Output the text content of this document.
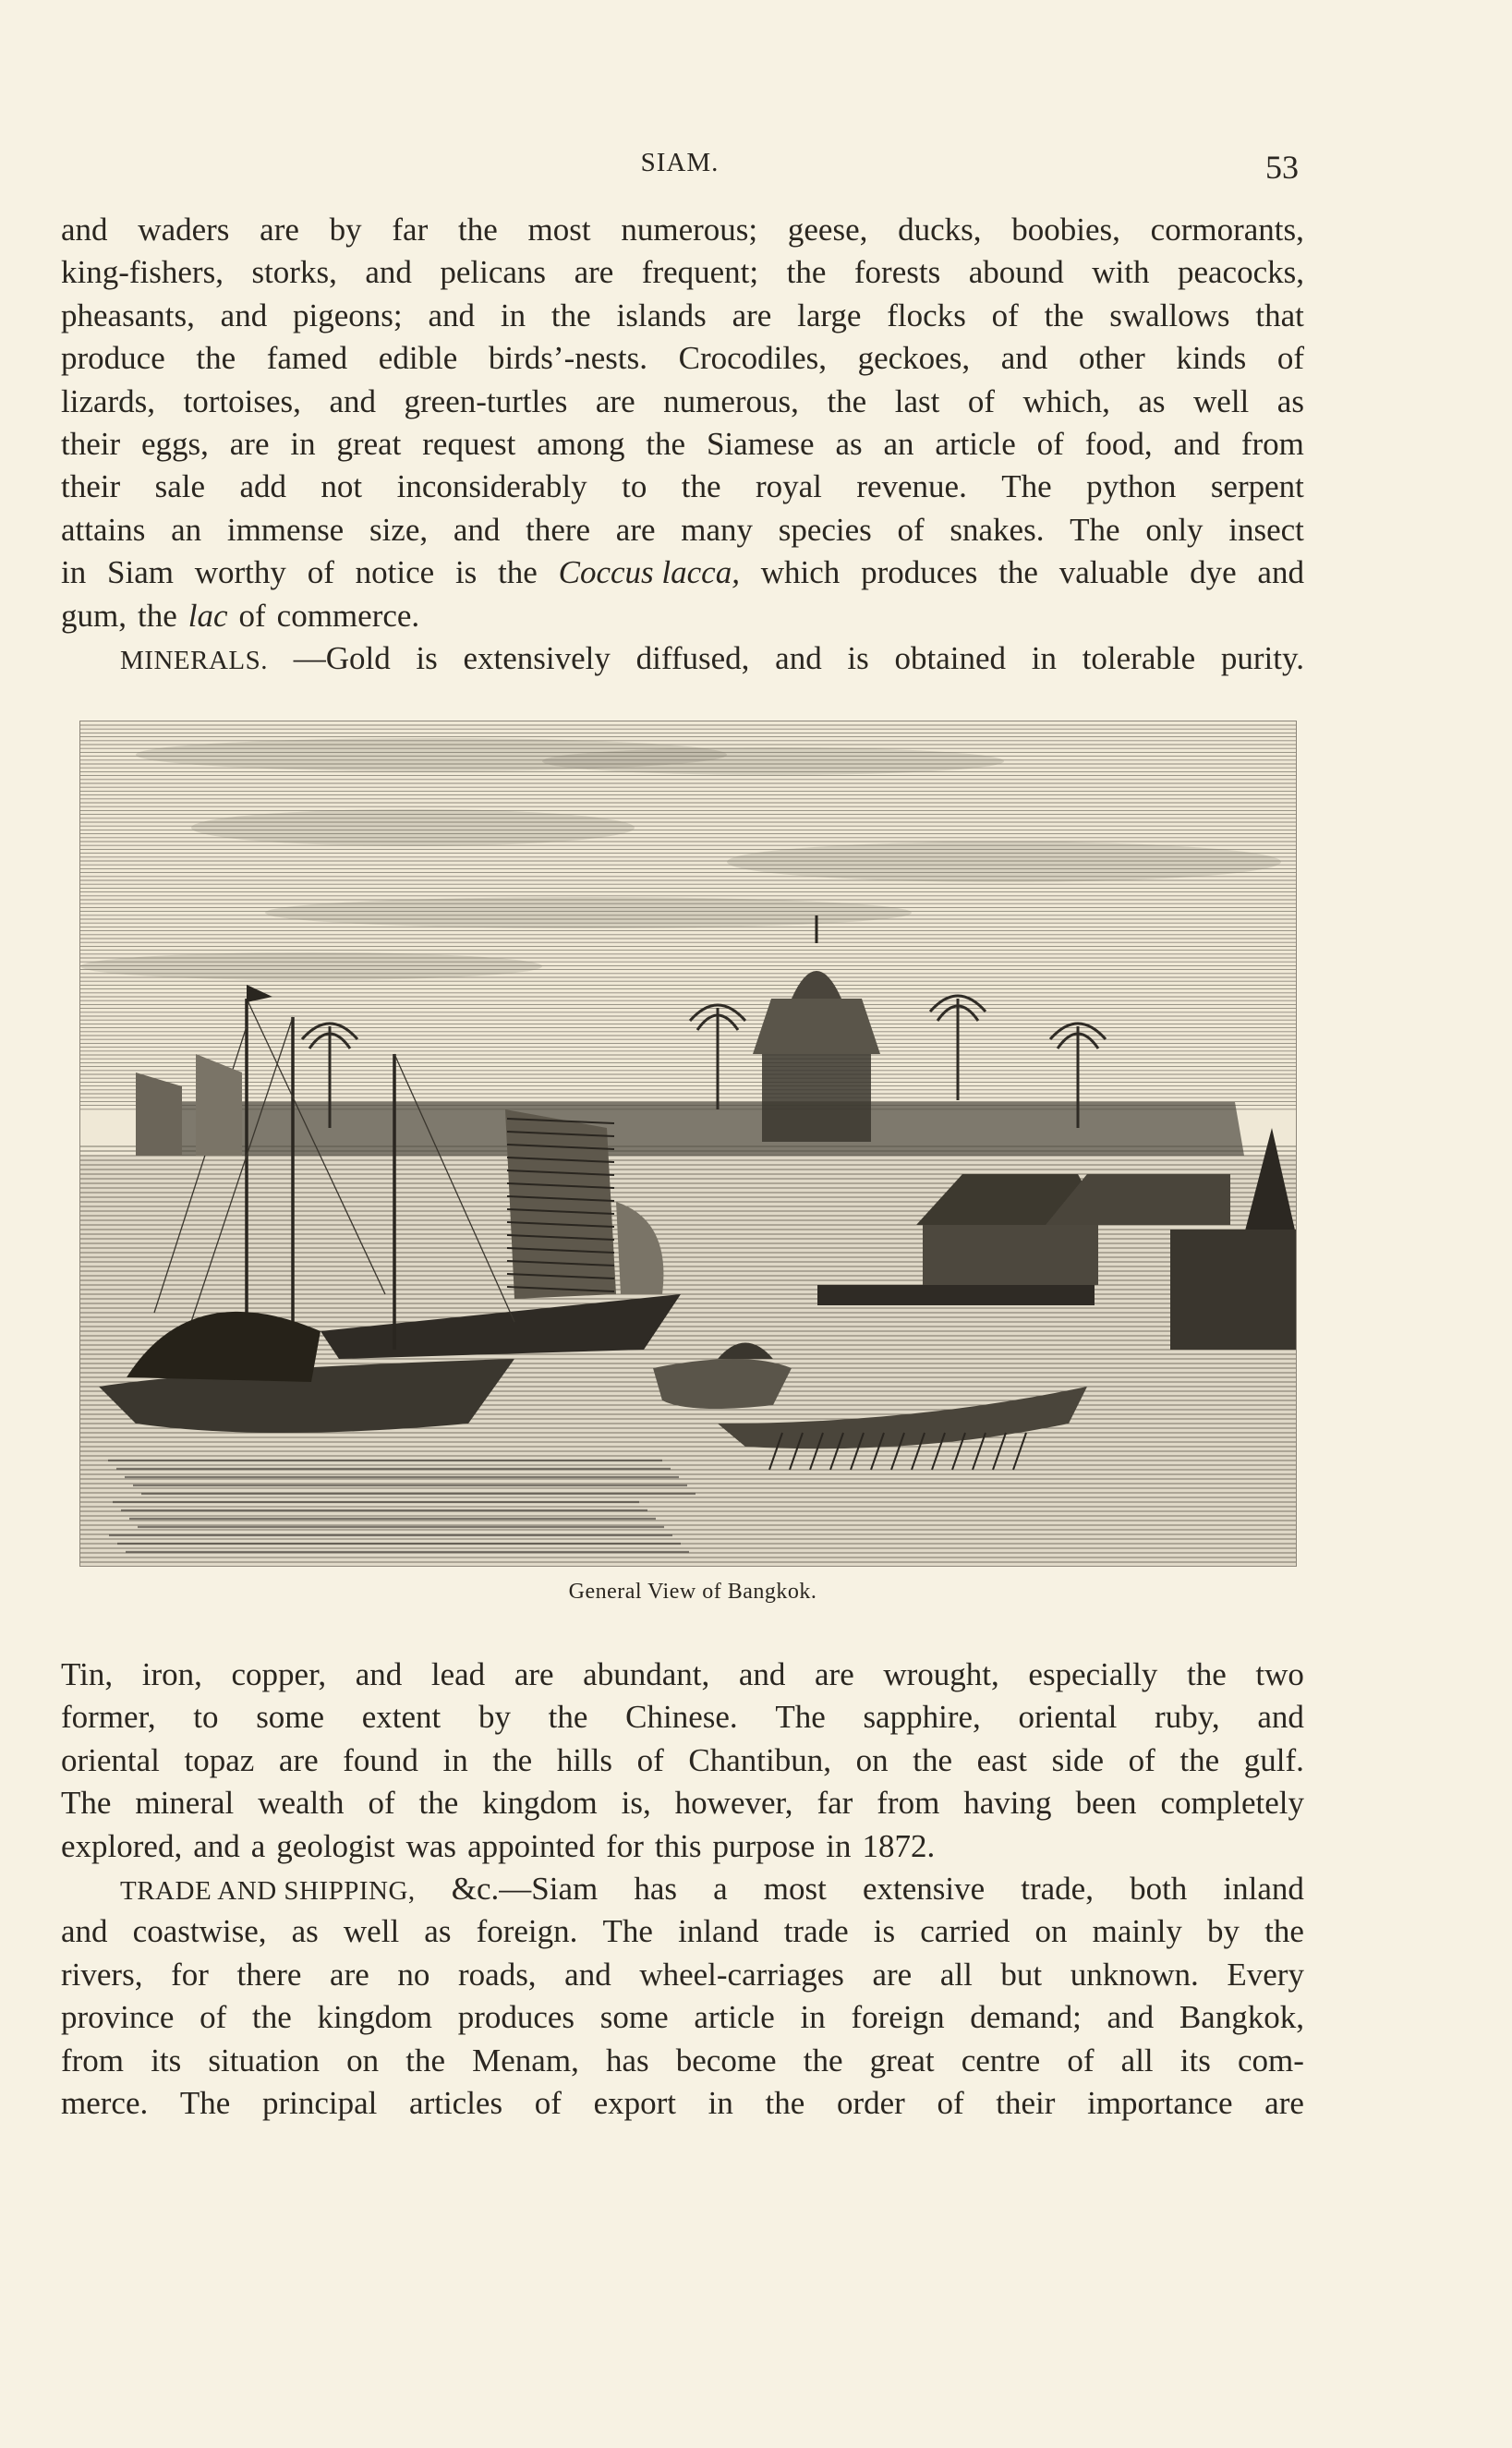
SIAM.	53
and waders are by far the most numerous; geese, ducks, boobies, cormorants,
king-fishers, storks, and pelicans are frequent; the forests abound with peacocks,
pheasants, and pigeons; and in the islands are large flocks of the swallows that
produce the famed edible birds’-nests. Crocodiles, geckoes, and other kinds of
lizards, tortoises, and green-turtles are numerous, the last of which, as well as
their eggs, are in great request among the Siamese as an article of food, and from
their sale add not inconsiderably to the royal revenue. The python serpent
attains an immense size, and there are many species of snakes. The only insect
in Siam worthy of notice is the Coccus lacca, which produces the valuable dye and
gum, the lac of commerce.
MINERALS. —Gold is extensively diffused, and is obtained in tolerable purity.
General View of Bangkok.
Tin, iron, copper, and lead are abundant, and are wrought, especially the two
former, to some extent by the Chinese. The sapphire, oriental ruby, and
oriental topaz are found in the hills of Chantibun, on the east side of the gulf.
The mineral wealth of the kingdom is, however, far from having been completely
explored, and a geologist was appointed for this purpose in 1872.
TRADE AND SHIPPING, &c.—Siam has a most extensive trade, both inland
and coastwise, as well as foreign. The inland trade is carried on mainly by the
rivers, for there are no roads, and wheel-carriages are all but unknown. Every
province of the kingdom produces some article in foreign demand; and Bangkok,
from its situation on the Menam, has become the great centre of all its com-
merce. The principal articles of export in the order of their importance are
